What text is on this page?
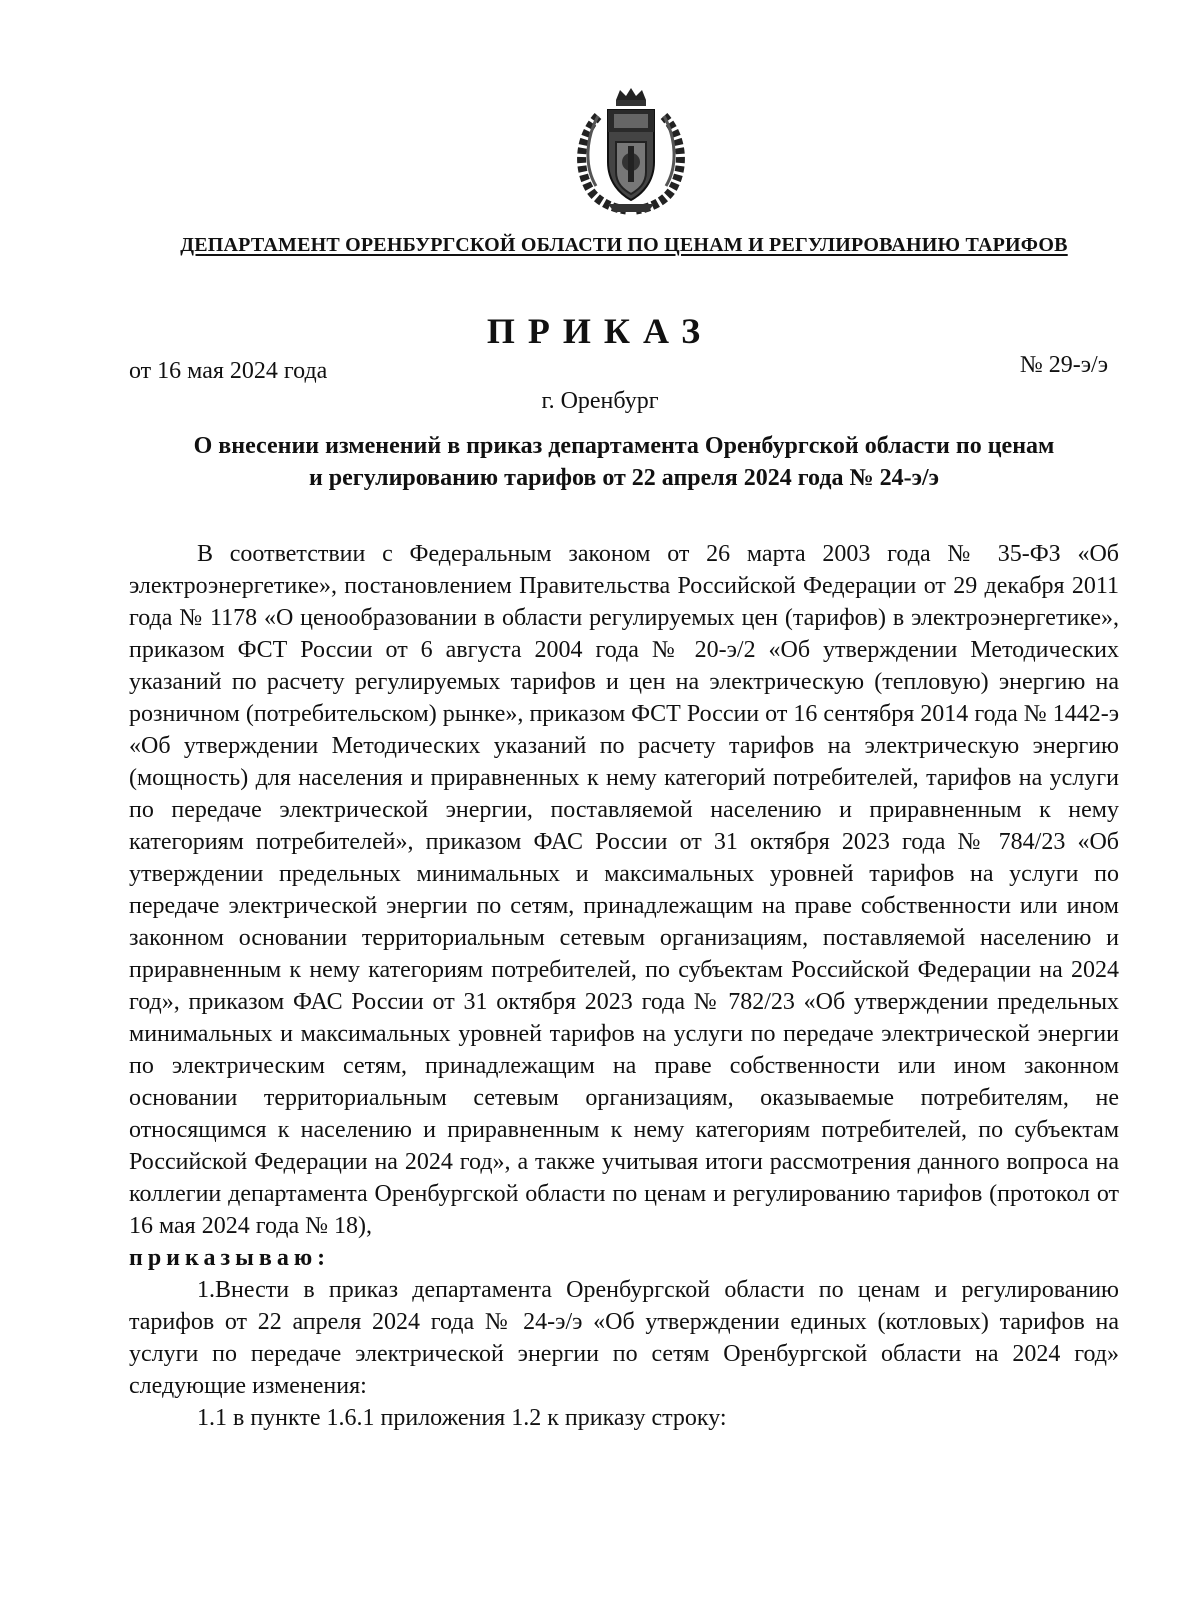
ДЕПАРТАМЕНТ ОРЕНБУРГСКОЙ ОБЛАСТИ ПО ЦЕНАМ И РЕГУЛИРОВАНИЮ ТАРИФОВ
ПРИКАЗ
от 16 мая 2024 года	№ 29-э/э
г. Оренбург
О внесении изменений в приказ департамента Оренбургской области по ценам
и регулированию тарифов от 22 апреля 2024 года № 24-э/э

В соответствии с Федеральным законом от 26 марта 2003 года № 35-ФЗ «Об электроэнергетике», постановлением Правительства Российской Федерации от 29 декабря 2011 года № 1178 «О ценообразовании в области регулируемых цен (тарифов) в электроэнергетике», приказом ФСТ России от 6 августа 2004 года № 20-э/2 «Об утверждении Методических указаний по расчету регулируемых тарифов и цен на электрическую (тепловую) энергию на розничном (потребительском) рынке», приказом ФСТ России от 16 сентября 2014 года № 1442-э «Об утверждении Методических указаний по расчету тарифов на электрическую энергию (мощность) для населения и приравненных к нему категорий потребителей, тарифов на услуги по передаче электрической энергии, поставляемой населению и приравненным к нему категориям потребителей», приказом ФАС России от 31 октября 2023 года № 784/23 «Об утверждении предельных минимальных и максимальных уровней тарифов на услуги по передаче электрической энергии по сетям, принадлежащим на праве собственности или ином законном основании территориальным сетевым организациям, поставляемой населению и приравненным к нему категориям потребителей, по субъектам Российской Федерации на 2024 год», приказом ФАС России от 31 октября 2023 года № 782/23 «Об утверждении предельных минимальных и максимальных уровней тарифов на услуги по передаче электрической энергии по электрическим сетям, принадлежащим на праве собственности или ином законном основании территориальным сетевым организациям, оказываемые потребителям, не относящимся к населению и приравненным к нему категориям потребителей, по субъектам Российской Федерации на 2024 год», а также учитывая итоги рассмотрения данного вопроса на коллегии департамента Оренбургской области по ценам и регулированию тарифов (протокол от 16 мая 2024 года № 18),

приказываю:

1.Внести в приказ департамента Оренбургской области по ценам и регулированию тарифов от 22 апреля 2024 года № 24-э/э «Об утверждении единых (котловых) тарифов на услуги по передаче электрической энергии по сетям Оренбургской области на 2024 год» следующие изменения:

1.1 в пункте 1.6.1 приложения 1.2 к приказу строку:
